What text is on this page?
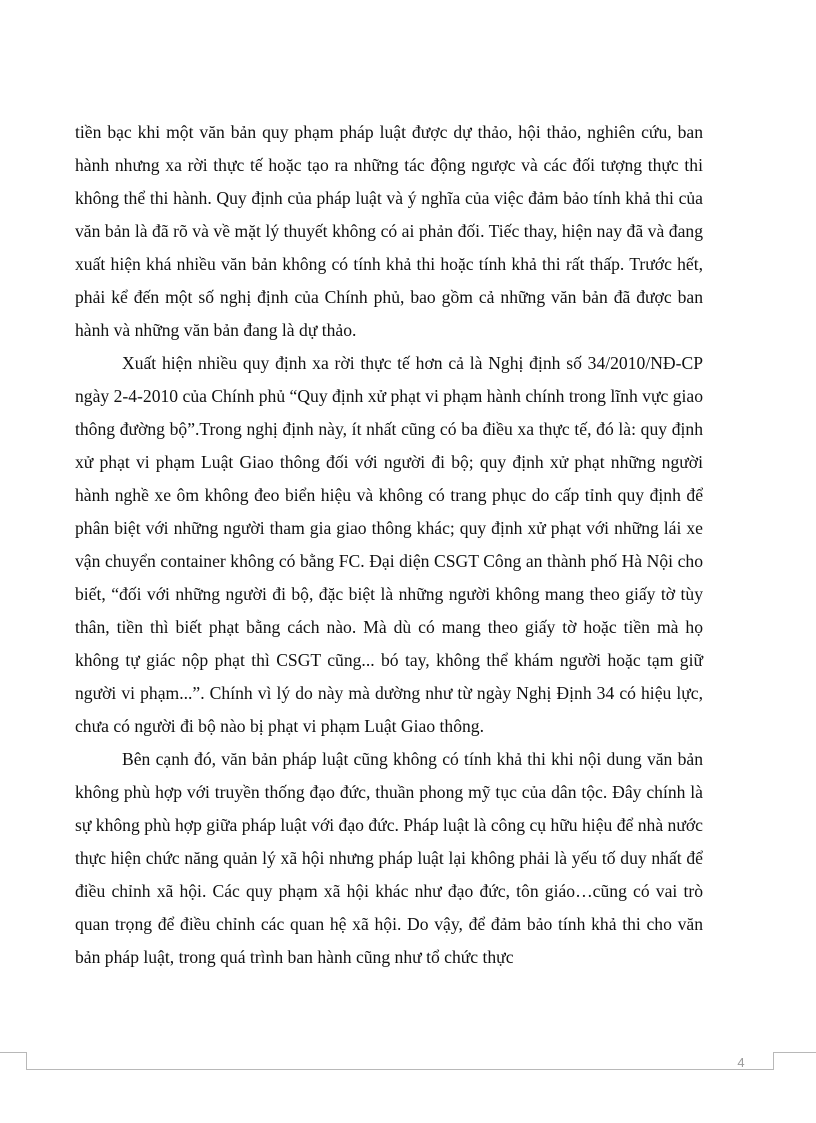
tiền bạc khi một văn bản quy phạm pháp luật được dự thảo, hội thảo, nghiên cứu, ban hành nhưng xa rời thực tế hoặc tạo ra những tác động ngược và các đối tượng thực thi không thể thi hành. Quy định của pháp luật và ý nghĩa của việc đảm bảo tính khả thi của văn bản là đã rõ và về mặt lý thuyết không có ai phản đối. Tiếc thay, hiện nay đã và đang xuất hiện khá nhiều văn bản không có tính khả thi hoặc tính khả thi rất thấp. Trước hết, phải kể đến một số nghị định của Chính phủ, bao gồm cả những văn bản đã được ban hành và những văn bản đang là dự thảo.

Xuất hiện nhiều quy định xa rời thực tế hơn cả là Nghị định số 34/2010/NĐ-CP ngày 2-4-2010 của Chính phủ “Quy định xử phạt vi phạm hành chính trong lĩnh vực giao thông đường bộ”.Trong nghị định này, ít nhất cũng có ba điều xa thực tế, đó là: quy định xử phạt vi phạm Luật Giao thông đối với người đi bộ; quy định xử phạt những người hành nghề xe ôm không đeo biển hiệu và không có trang phục do cấp tỉnh quy định để phân biệt với những người tham gia giao thông khác; quy định xử phạt với những lái xe vận chuyển container không có bằng FC. Đại diện CSGT Công an thành phố Hà Nội cho biết, “đối với những người đi bộ, đặc biệt là những người không mang theo giấy tờ tùy thân, tiền thì biết phạt bằng cách nào. Mà dù có mang theo giấy tờ hoặc tiền mà họ không tự giác nộp phạt thì CSGT cũng... bó tay, không thể khám người hoặc tạm giữ người vi phạm...”. Chính vì lý do này mà dường như từ ngày Nghị Định 34 có hiệu lực, chưa có người đi bộ nào bị phạt vi phạm Luật Giao thông.

Bên cạnh đó, văn bản pháp luật cũng không có tính khả thi khi nội dung văn bản không phù hợp với truyền thống đạo đức, thuần phong mỹ tục của dân tộc. Đây chính là sự không phù hợp giữa pháp luật với đạo đức. Pháp luật là công cụ hữu hiệu để nhà nước thực hiện chức năng quản lý xã hội nhưng pháp luật lại không phải là yếu tố duy nhất để điều chỉnh xã hội. Các quy phạm xã hội khác như đạo đức, tôn giáo…cũng có vai trò quan trọng để điều chỉnh các quan hệ xã hội. Do vậy, để đảm bảo tính khả thi cho văn bản pháp luật, trong quá trình ban hành cũng như tổ chức thực

4
